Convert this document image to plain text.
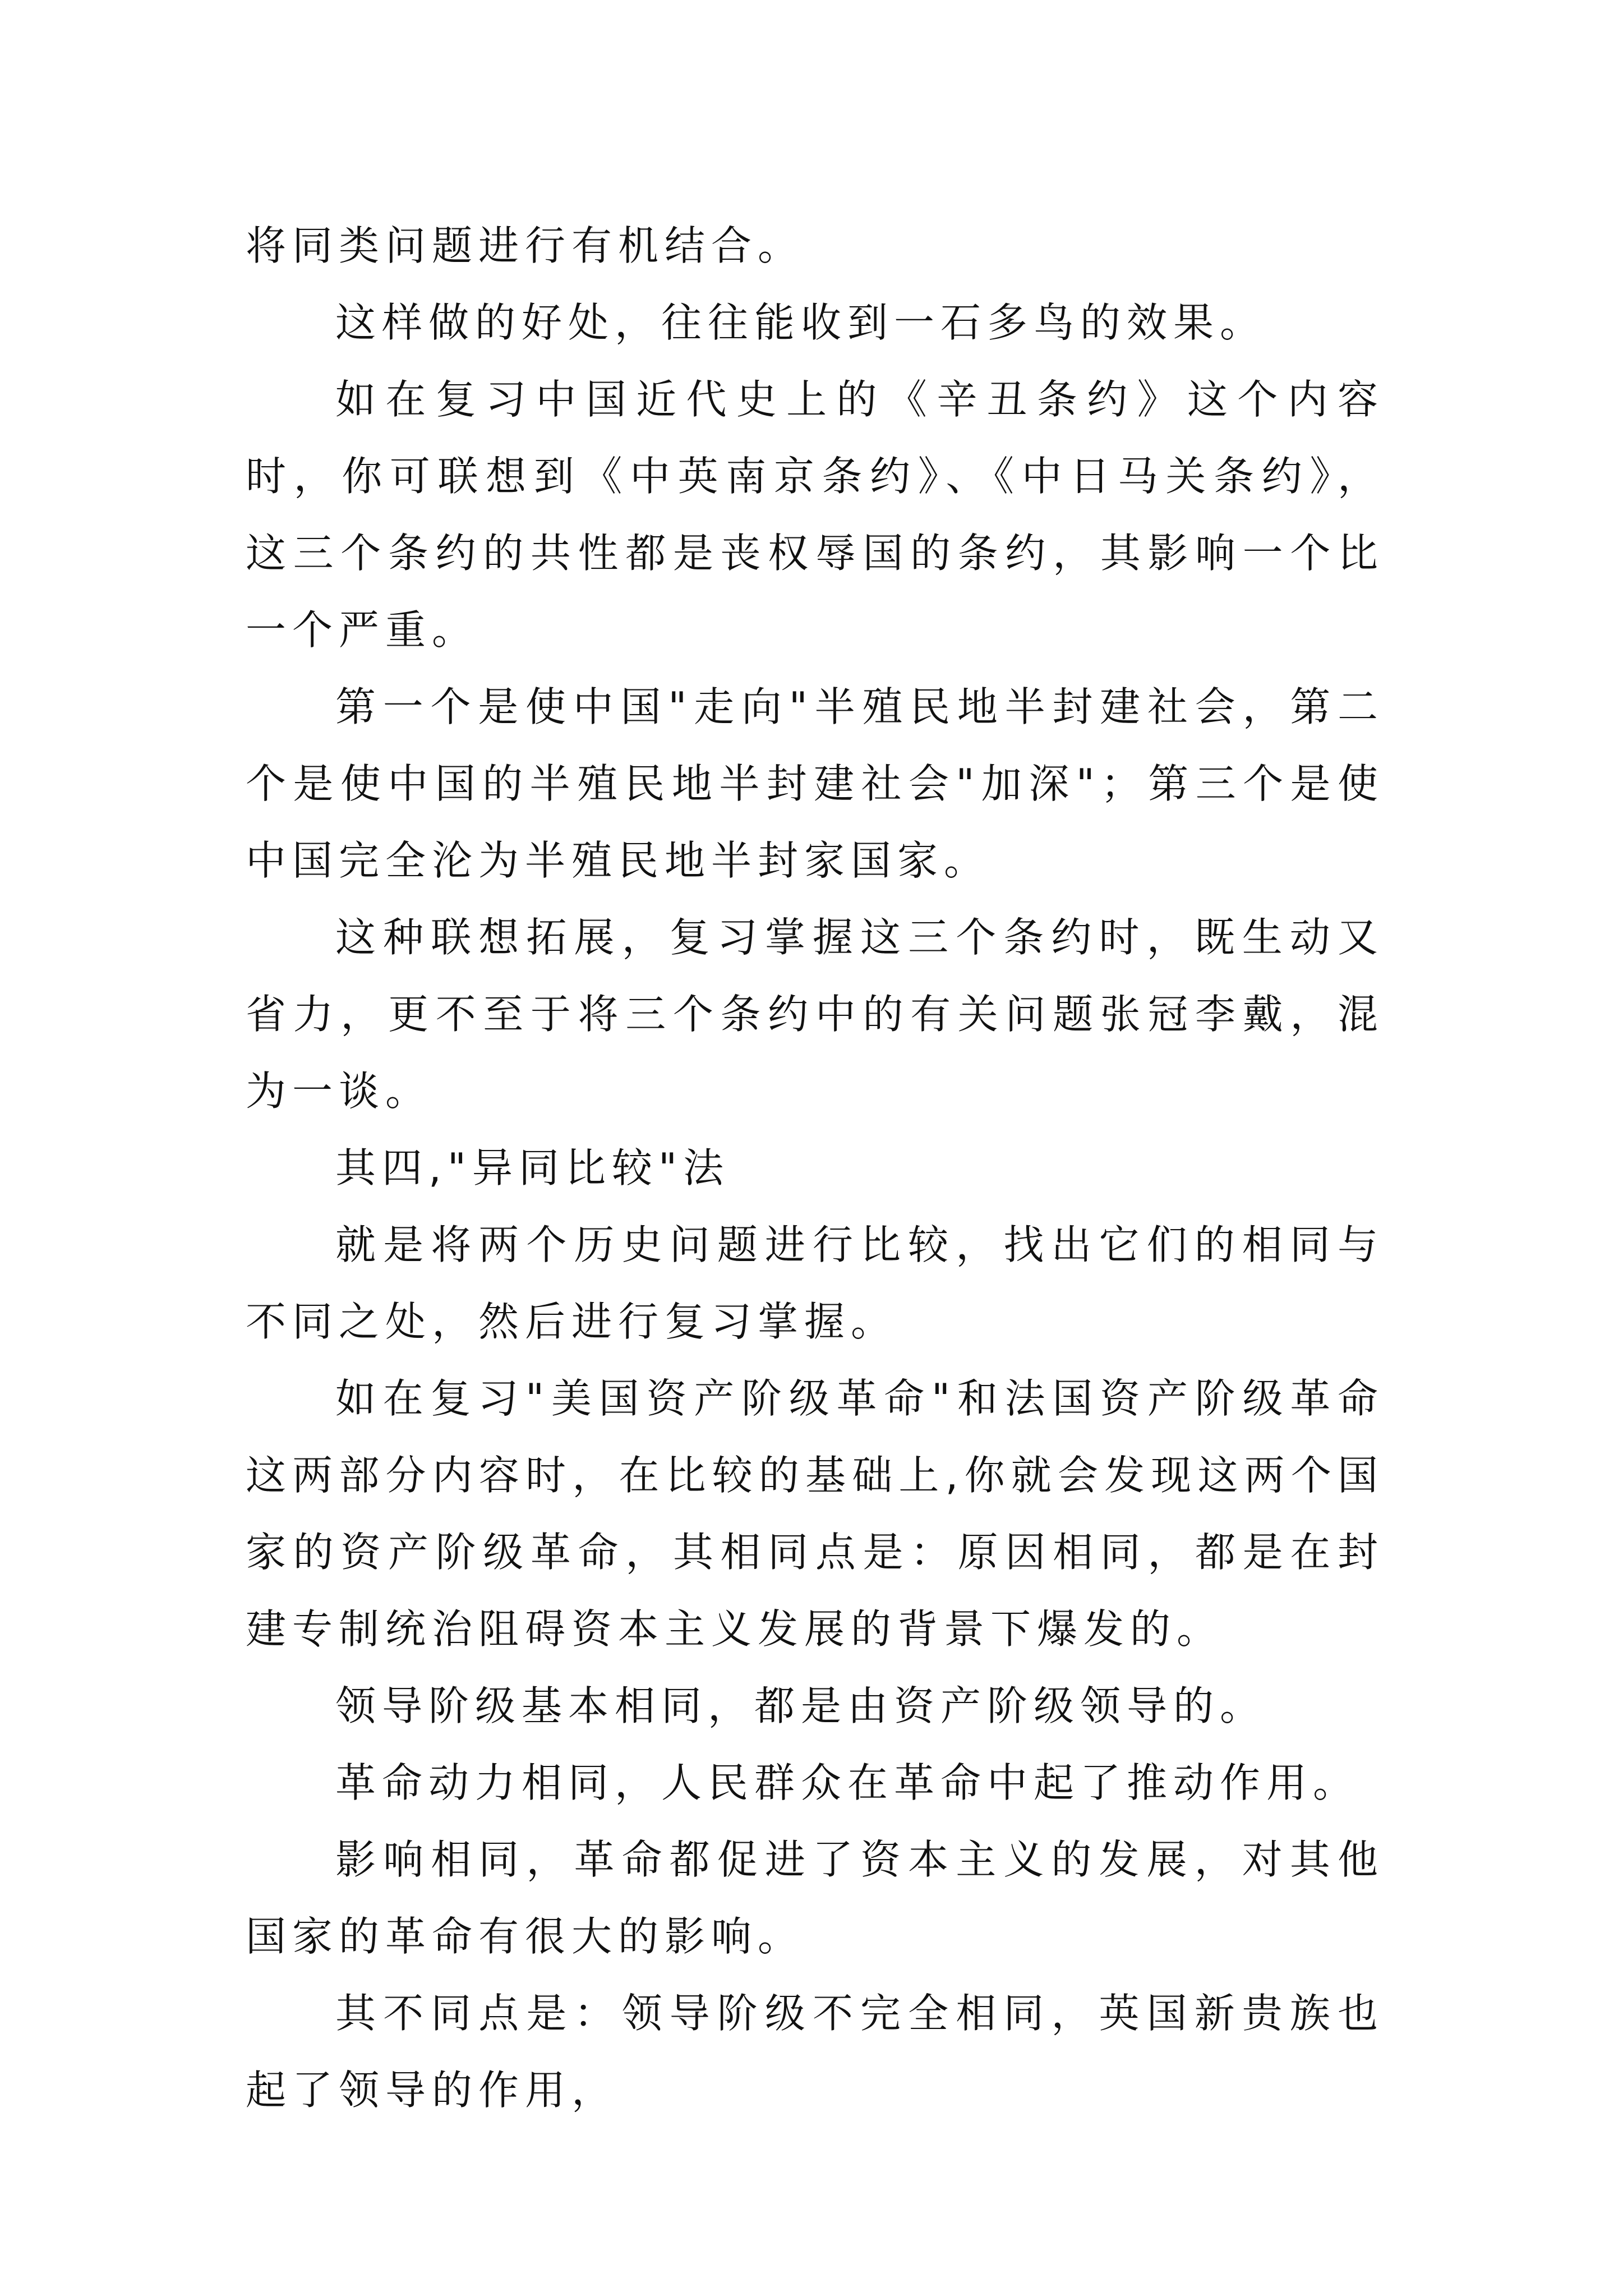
将同类问题进行有机结合。

这样做的好处，往往能收到一石多鸟的效果。

如在复习中国近代史上的《辛丑条约》这个内容时，你可联想到《中英南京条约》、《中日马关条约》，这三个条约的共性都是丧权辱国的条约，其影响一个比一个严重。

第一个是使中国"走向"半殖民地半封建社会，第二个是使中国的半殖民地半封建社会"加深"；第三个是使中国完全沦为半殖民地半封家国家。

这种联想拓展，复习掌握这三个条约时，既生动又省力，更不至于将三个条约中的有关问题张冠李戴，混为一谈。

其四,"异同比较"法

就是将两个历史问题进行比较，找出它们的相同与不同之处，然后进行复习掌握。

如在复习"美国资产阶级革命"和法国资产阶级革命这两部分内容时，在比较的基础上,你就会发现这两个国家的资产阶级革命，其相同点是：原因相同，都是在封建专制统治阻碍资本主义发展的背景下爆发的。

领导阶级基本相同，都是由资产阶级领导的。

革命动力相同，人民群众在革命中起了推动作用。

影响相同，革命都促进了资本主义的发展，对其他国家的革命有很大的影响。

其不同点是：领导阶级不完全相同，英国新贵族也起了领导的作用，
